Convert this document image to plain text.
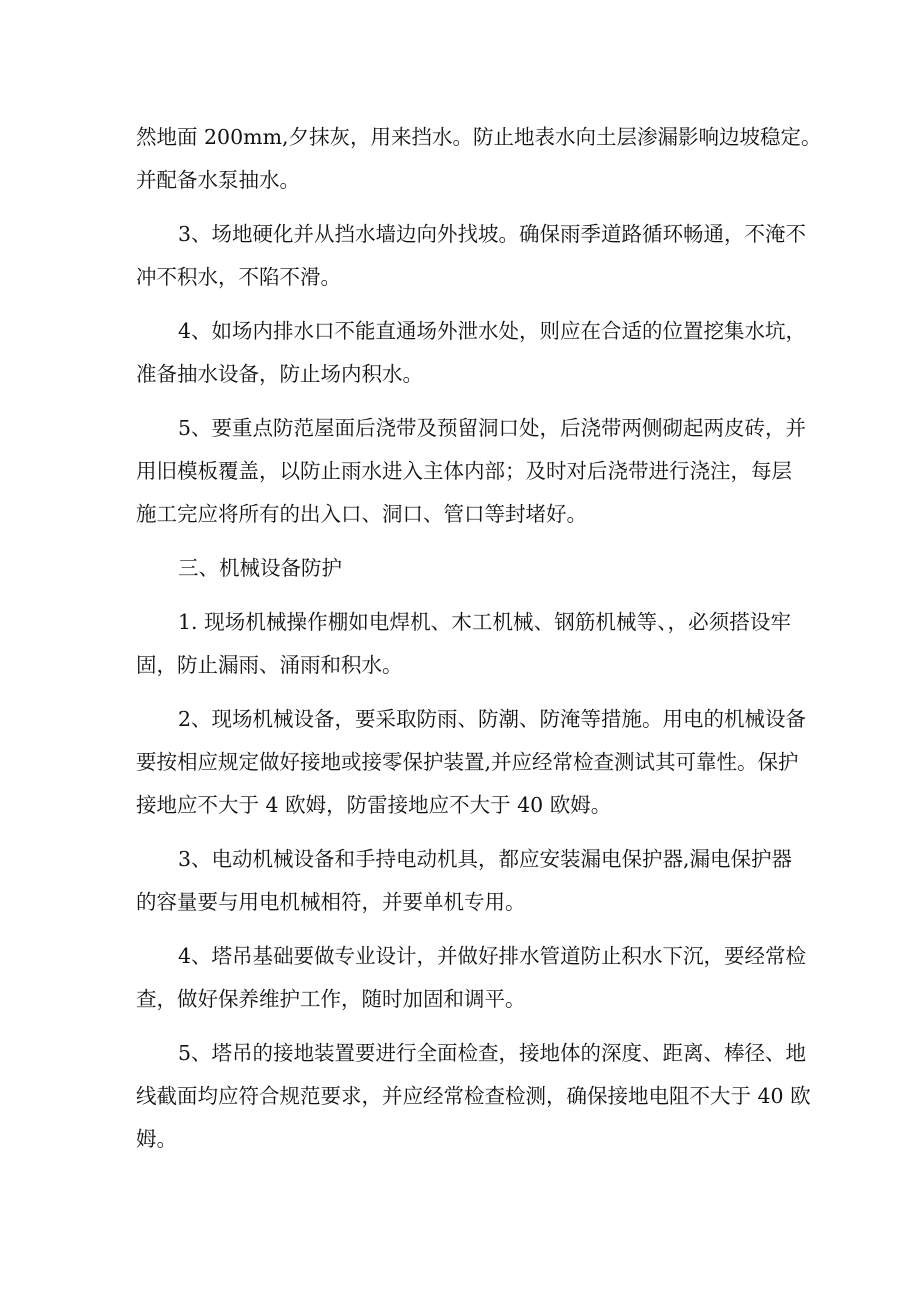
然地面 200mm,夕抹灰，用来挡水。防止地表水向土层渗漏影响边坡稳定。
并配备水泵抽水。
3、场地硬化并从挡水墙边向外找坡。确保雨季道路循环畅通，不淹不
冲不积水，不陷不滑。
4、如场内排水口不能直通场外泄水处，则应在合适的位置挖集水坑，
准备抽水设备，防止场内积水。
5、要重点防范屋面后浇带及预留洞口处，后浇带两侧砌起两皮砖，并
用旧模板覆盖，以防止雨水进入主体内部；及时对后浇带进行浇注，每层
施工完应将所有的出入口、洞口、管口等封堵好。
三、机械设备防护
1. 现场机械操作棚如电焊机、木工机械、钢筋机械等、，必须搭设牢
固，防止漏雨、涌雨和积水。
2、现场机械设备，要采取防雨、防潮、防淹等措施。用电的机械设备
要按相应规定做好接地或接零保护装置,并应经常检查测试其可靠性。保护
接地应不大于 4 欧姆，防雷接地应不大于 40 欧姆。
3、电动机械设备和手持电动机具，都应安装漏电保护器,漏电保护器
的容量要与用电机械相符，并要单机专用。
4、塔吊基础要做专业设计，并做好排水管道防止积水下沉，要经常检
查，做好保养维护工作，随时加固和调平。
5、塔吊的接地装置要进行全面检查，接地体的深度、距离、棒径、地
线截面均应符合规范要求，并应经常检查检测，确保接地电阻不大于 40 欧
姆。
